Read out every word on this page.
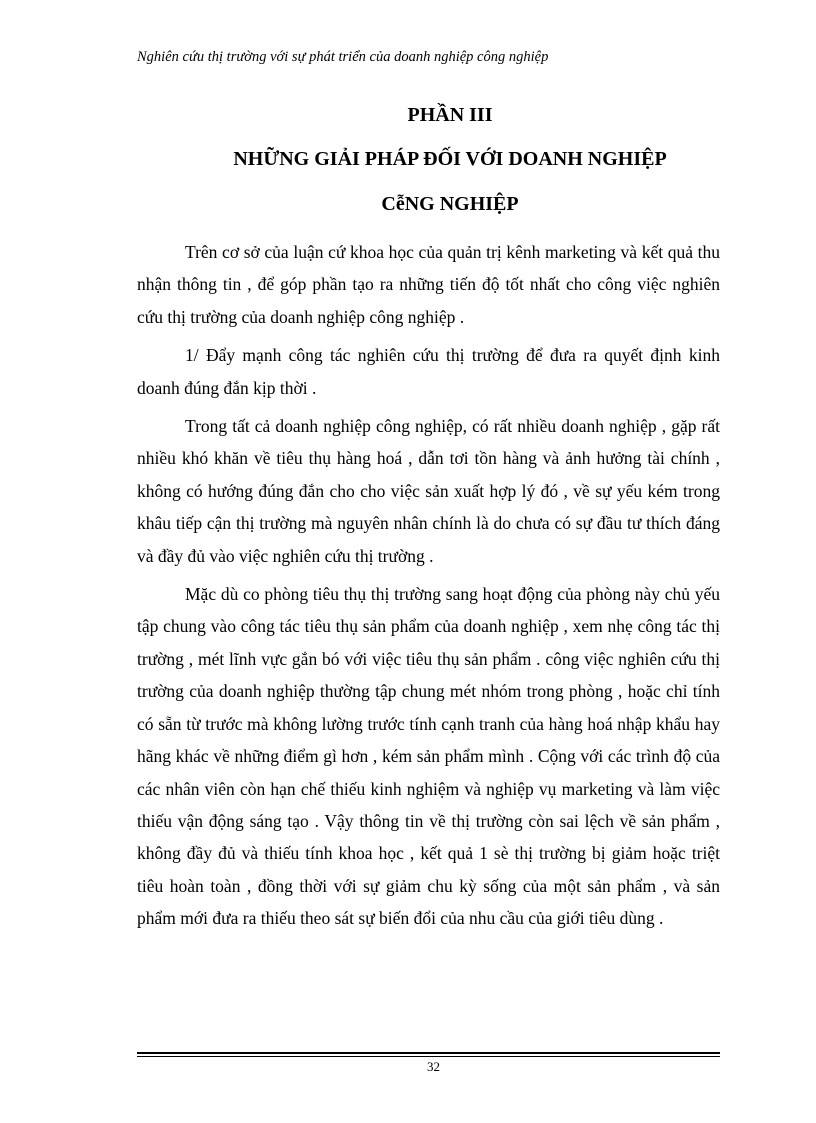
Nghiên cứu thị trường với sự phát triển của doanh nghiệp công nghiệp
PHẦN III
NHỮNG GIẢI PHÁP ĐỐI VỚI DOANH NGHIỆP
CễNG NGHIỆP

Trên cơ sở của luận cứ khoa học của quản trị kênh marketing và kết quả thu nhận thông tin , để góp phần tạo ra những tiến độ tốt nhất cho công việc nghiên cứu thị trường của doanh nghiệp công nghiệp .

1/ Đẩy mạnh công tác nghiên cứu thị trường để đưa ra quyết định kinh doanh đúng đắn kịp thời .

Trong tất cả doanh nghiệp công nghiệp, có rất nhiều doanh nghiệp , gặp rất nhiều khó khăn về tiêu thụ hàng hoá , dẫn tơi tồn hàng và ảnh hưởng tài chính , không có hướng đúng đắn cho cho việc sản xuất hợp lý đó , về sự yếu kém trong khâu tiếp cận thị trường mà nguyên nhân chính là do chưa có sự đầu tư thích đáng và đầy đủ vào việc nghiên cứu thị trường .

Mặc dù co phòng tiêu thụ thị trường sang hoạt động của phòng này chủ yếu tập chung vào công tác tiêu thụ sản phẩm của doanh nghiệp , xem nhẹ công tác thị trường , mét lĩnh vực gắn bó với việc tiêu thụ sản phẩm . công việc nghiên cứu thị trường của doanh nghiệp thường tập chung mét nhóm trong phòng , hoặc chỉ tính có sẵn từ trước mà không lường trước tính cạnh tranh của hàng hoá nhập khẩu hay hãng khác về những điểm gì hơn , kém sản phẩm mình . Cộng với các trình độ của các nhân viên còn hạn chế thiếu kinh nghiệm và nghiệp vụ marketing và làm việc thiếu vận động sáng tạo . Vậy thông tin về thị trường còn sai lệch về sản phẩm , không đầy đủ và thiếu tính khoa học , kết quả 1 sè thị trường bị giảm hoặc triệt tiêu hoàn toàn , đồng thời với sự giảm chu kỳ sống của một sản phẩm , và sản phẩm mới đưa ra thiếu theo sát sự biến đổi của nhu cầu của giới tiêu dùng .

32
